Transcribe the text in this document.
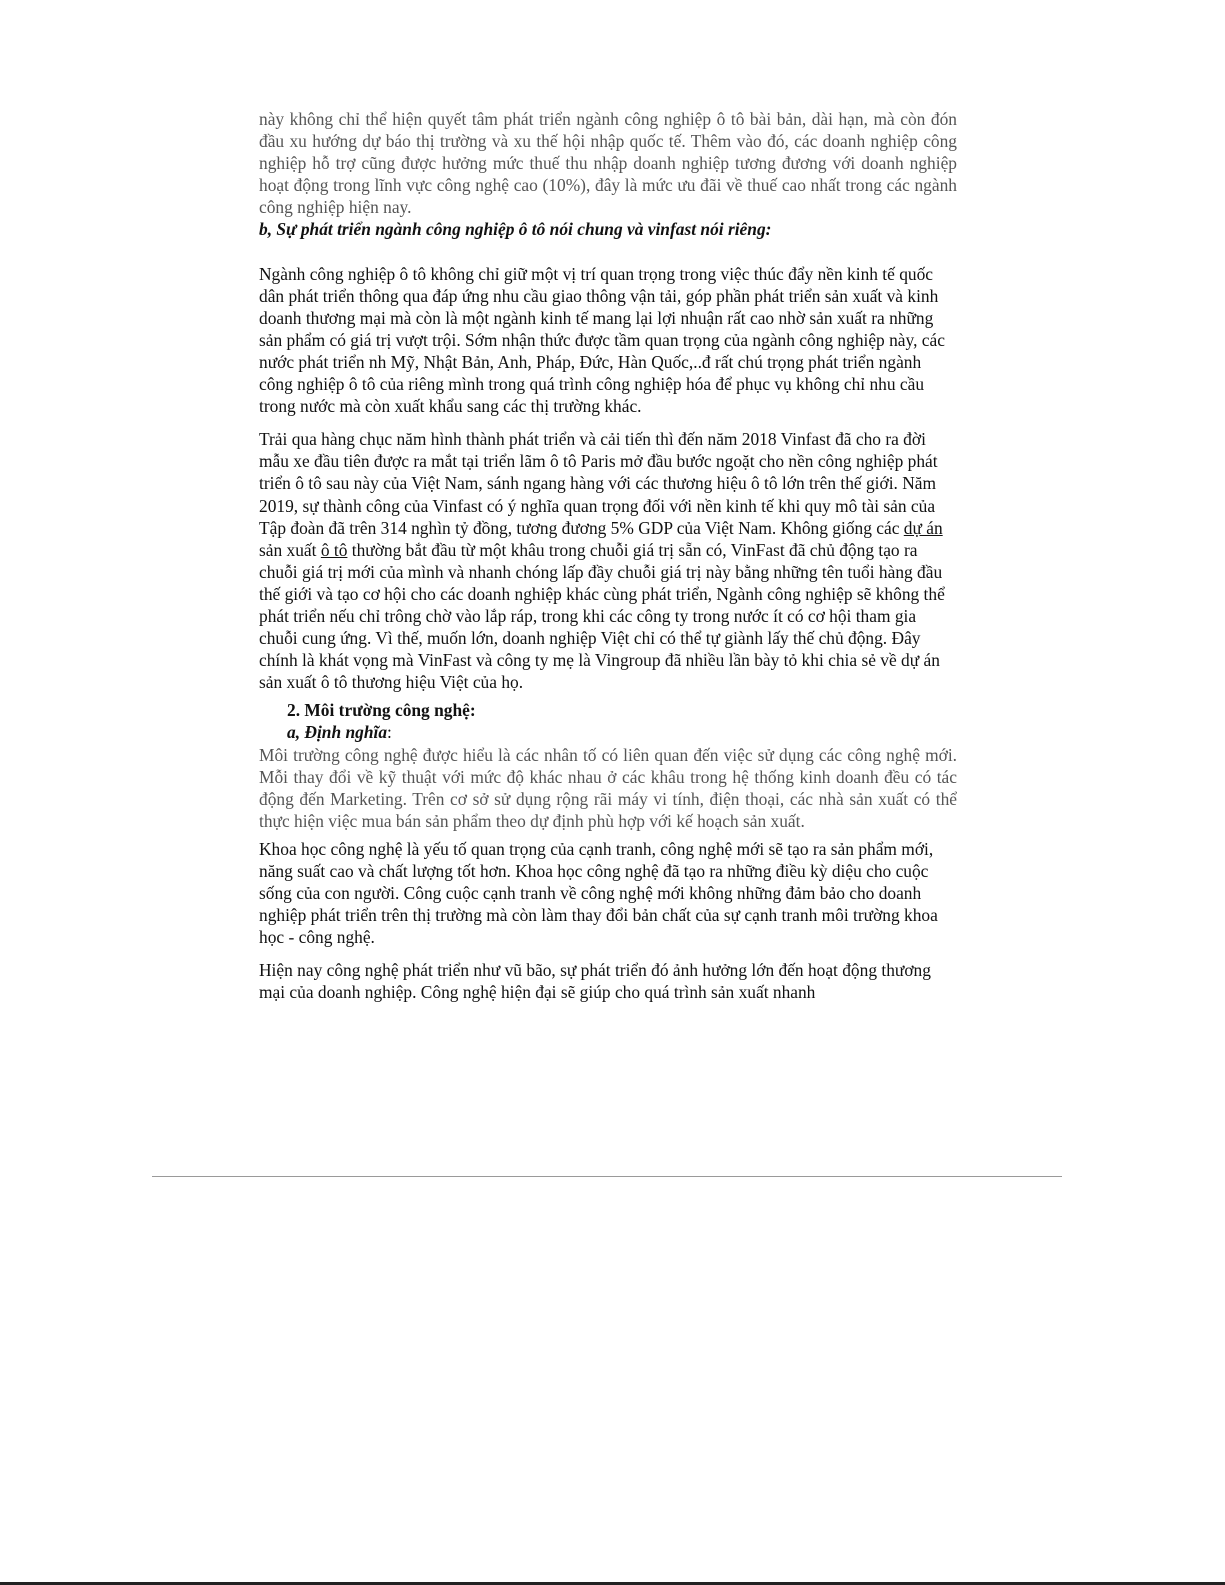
này không chỉ thể hiện quyết tâm phát triển ngành công nghiệp ô tô bài bản, dài hạn, mà còn đón đầu xu hướng dự báo thị trường và xu thế hội nhập quốc tế. Thêm vào đó, các doanh nghiệp công nghiệp hỗ trợ cũng được hưởng mức thuế thu nhập doanh nghiệp tương đương với doanh nghiệp hoạt động trong lĩnh vực công nghệ cao (10%), đây là mức ưu đãi về thuế cao nhất trong các ngành công nghiệp hiện nay.

b, Sự phát triển ngành công nghiệp ô tô nói chung và vinfast nói riêng:

Ngành công nghiệp ô tô không chỉ giữ một vị trí quan trọng trong việc thúc đẩy nền kinh tế quốc dân phát triển thông qua đáp ứng nhu cầu giao thông vận tải, góp phần phát triển sản xuất và kinh doanh thương mại mà còn là một ngành kinh tế mang lại lợi nhuận rất cao nhờ sản xuất ra những sản phẩm có giá trị vượt trội. Sớm nhận thức được tầm quan trọng của ngành công nghiệp này, các nước phát triển nh Mỹ, Nhật Bản, Anh, Pháp, Đức, Hàn Quốc,..đ rất chú trọng phát triển ngành công nghiệp ô tô của riêng mình trong quá trình công nghiệp hóa để phục vụ không chỉ nhu cầu trong nước mà còn xuất khẩu sang các thị trường khác.

Trải qua hàng chục năm hình thành phát triển và cải tiến thì đến năm 2018 Vinfast đã cho ra đời mẫu xe đầu tiên được ra mắt tại triển lãm ô tô Paris mở đầu bước ngoặt cho nền công nghiệp phát triển ô tô sau này của Việt Nam, sánh ngang hàng với các thương hiệu ô tô lớn trên thế giới. Năm 2019, sự thành công của Vinfast có ý nghĩa quan trọng đối với nền kinh tế khi quy mô tài sản của Tập đoàn đã trên 314 nghìn tỷ đồng, tương đương 5% GDP của Việt Nam. Không giống các dự án sản xuất ô tô thường bắt đầu từ một khâu trong chuỗi giá trị sẵn có, VinFast đã chủ động tạo ra chuỗi giá trị mới của mình và nhanh chóng lấp đầy chuỗi giá trị này bằng những tên tuổi hàng đầu thế giới và tạo cơ hội cho các doanh nghiệp khác cùng phát triển, Ngành công nghiệp sẽ không thể phát triển nếu chỉ trông chờ vào lắp ráp, trong khi các công ty trong nước ít có cơ hội tham gia chuỗi cung ứng. Vì thế, muốn lớn, doanh nghiệp Việt chỉ có thể tự giành lấy thế chủ động. Đây chính là khát vọng mà VinFast và công ty mẹ là Vingroup đã nhiều lần bày tỏ khi chia sẻ về dự án sản xuất ô tô thương hiệu Việt của họ.

2. Môi trường công nghệ:

a, Định nghĩa:

Môi trường công nghệ được hiểu là các nhân tố có liên quan đến việc sử dụng các công nghệ mới. Mỗi thay đổi về kỹ thuật với mức độ khác nhau ở các khâu trong hệ thống kinh doanh đều có tác động đến Marketing. Trên cơ sở sử dụng rộng rãi máy vi tính, điện thoại, các nhà sản xuất có thể thực hiện việc mua bán sản phẩm theo dự định phù hợp với kế hoạch sản xuất.

Khoa học công nghệ là yếu tố quan trọng của cạnh tranh, công nghệ mới sẽ tạo ra sản phẩm mới, năng suất cao và chất lượng tốt hơn. Khoa học công nghệ đã tạo ra những điều kỳ diệu cho cuộc sống của con người. Công cuộc cạnh tranh về công nghệ mới không những đảm bảo cho doanh nghiệp phát triển trên thị trường mà còn làm thay đổi bản chất của sự cạnh tranh môi trường khoa học - công nghệ.

Hiện nay công nghệ phát triển như vũ bão, sự phát triển đó ảnh hưởng lớn đến hoạt động thương mại của doanh nghiệp. Công nghệ hiện đại sẽ giúp cho quá trình sản xuất nhanh
